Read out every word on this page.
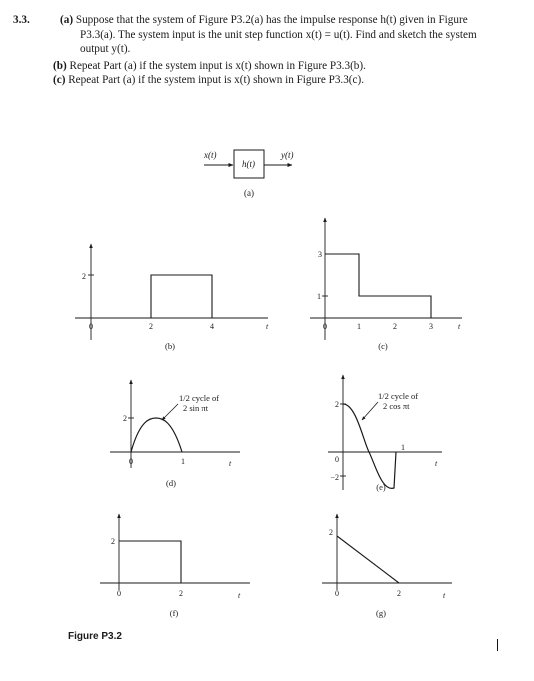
3.3.	(a) Suppose that the system of Figure P3.2(a) has the impulse response h(t) given in Figure P3.3(a). The system input is the unit step function x(t) = u(t). Find and sketch the system output y(t).
(b) Repeat Part (a) if the system input is x(t) shown in Figure P3.3(b).
(c) Repeat Part (a) if the system input is x(t) shown in Figure P3.3(c).
x(t)
h(t)
y(t)
(a)
2
0	2	4	t
(b)
3
1
0	1	2	3	t
(c)
1/2 cycle of
2 sin πt
2
0	1	t
(d)
1/2 cycle of
2 cos πt
2
−2
0
1
t
(e)
2
0	2	t
(f)
2
0	2	t
(g)
Figure P3.2
